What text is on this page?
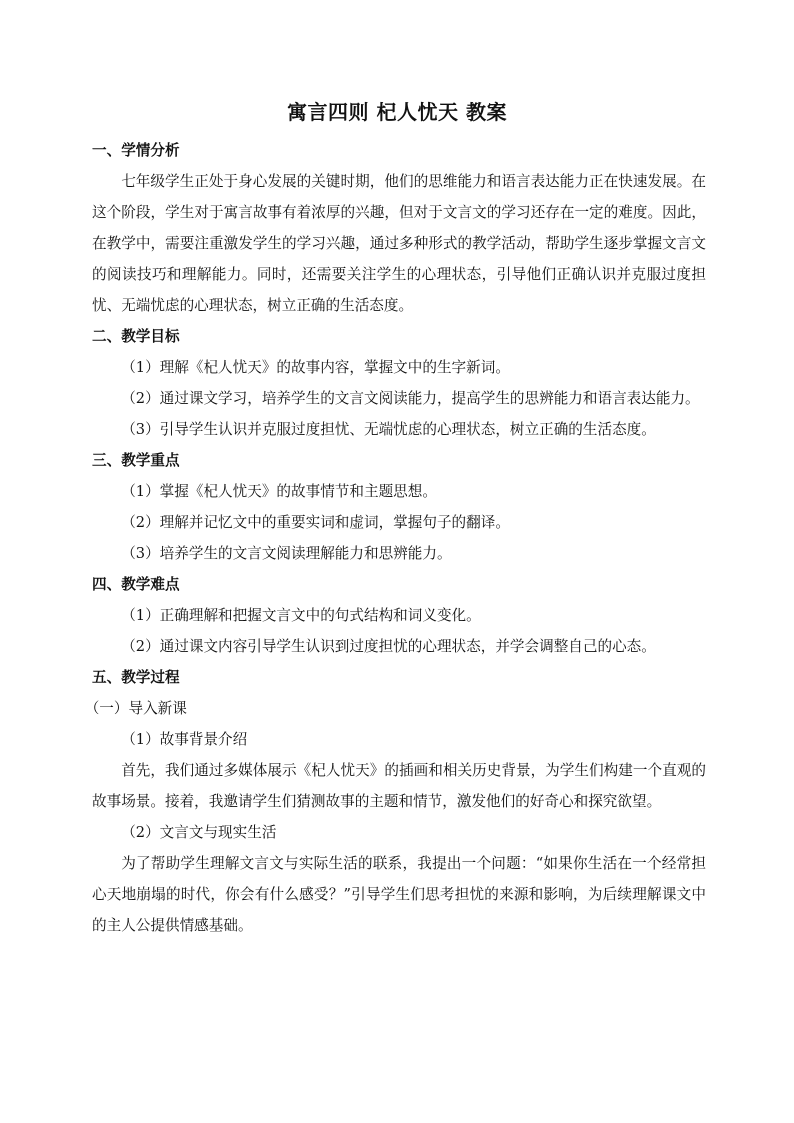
寓言四则 杞人忧天 教案

一、学情分析

七年级学生正处于身心发展的关键时期，他们的思维能力和语言表达能力正在快速发展。在这个阶段，学生对于寓言故事有着浓厚的兴趣，但对于文言文的学习还存在一定的难度。因此，在教学中，需要注重激发学生的学习兴趣，通过多种形式的教学活动，帮助学生逐步掌握文言文的阅读技巧和理解能力。同时，还需要关注学生的心理状态，引导他们正确认识并克服过度担忧、无端忧虑的心理状态，树立正确的生活态度。

二、教学目标

（1）理解《杞人忧天》的故事内容，掌握文中的生字新词。

（2）通过课文学习，培养学生的文言文阅读能力，提高学生的思辨能力和语言表达能力。

（3）引导学生认识并克服过度担忧、无端忧虑的心理状态，树立正确的生活态度。

三、教学重点

（1）掌握《杞人忧天》的故事情节和主题思想。

（2）理解并记忆文中的重要实词和虚词，掌握句子的翻译。

（3）培养学生的文言文阅读理解能力和思辨能力。

四、教学难点

（1）正确理解和把握文言文中的句式结构和词义变化。

（2）通过课文内容引导学生认识到过度担忧的心理状态，并学会调整自己的心态。

五、教学过程

（一）导入新课

（1）故事背景介绍

首先，我们通过多媒体展示《杞人忧天》的插画和相关历史背景，为学生们构建一个直观的故事场景。接着，我邀请学生们猜测故事的主题和情节，激发他们的好奇心和探究欲望。

（2）文言文与现实生活

为了帮助学生理解文言文与实际生活的联系，我提出一个问题：“如果你生活在一个经常担心天地崩塌的时代，你会有什么感受？”引导学生们思考担忧的来源和影响，为后续理解课文中的主人公提供情感基础。
